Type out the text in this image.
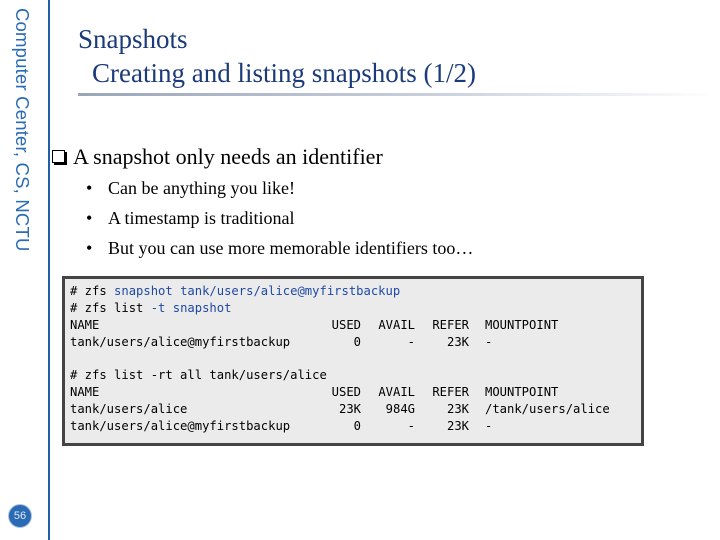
Computer Center, CS, NCTU
56
Snapshots
Creating and listing snapshots (1/2)
A snapshot only needs an identifier
• Can be anything you like!
• A timestamp is traditional
• But you can use more memorable identifiers too…
# zfs snapshot tank/users/alice@myfirstbackup
# zfs list -t snapshot
NAME	USED AVAIL REFER MOUNTPOINT
tank/users/alice@myfirstbackup	0	-	23K -
# zfs list -rt all tank/users/alice
NAME	USED AVAIL REFER MOUNTPOINT
tank/users/alice	23K 984G	23K /tank/users/alice
tank/users/alice@myfirstbackup	0	-	23K -
